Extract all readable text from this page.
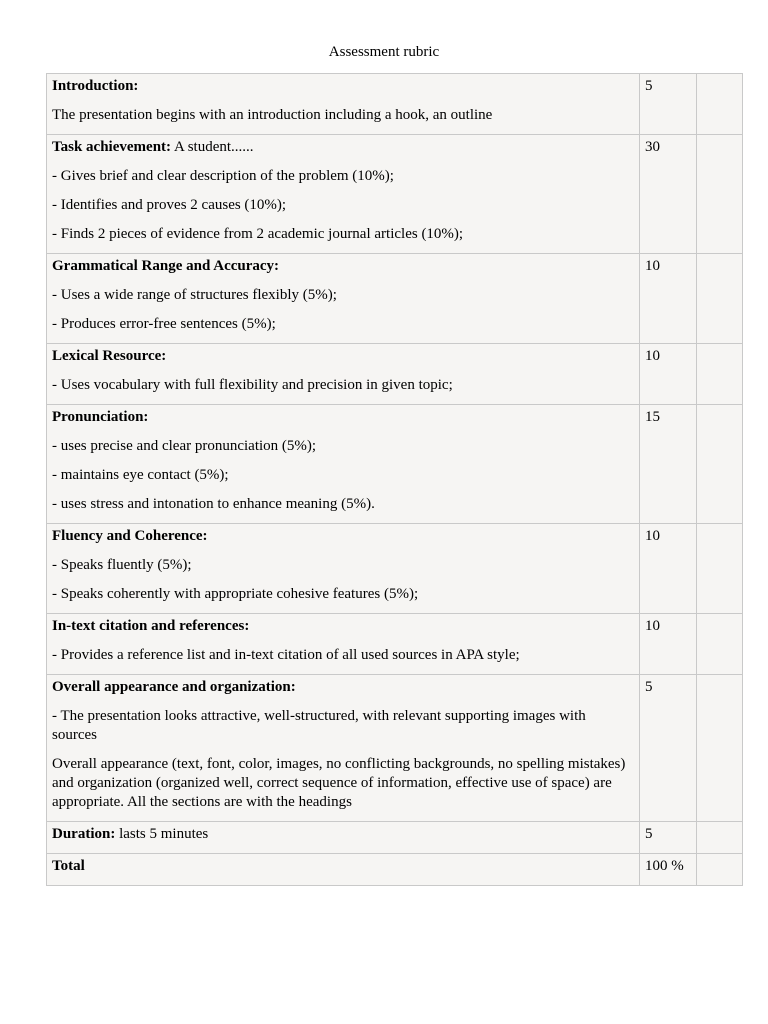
Assessment rubric

Introduction:

The presentation begins with an introduction including a hook, an outline	5	

Task achievement: A student......

- Gives brief and clear description of the problem (10%);

- Identifies and proves 2 causes (10%);

- Finds 2 pieces of evidence from 2 academic journal articles (10%);	30	

Grammatical Range and Accuracy:

- Uses a wide range of structures flexibly (5%);

- Produces error-free sentences (5%);	10	

Lexical Resource:

- Uses vocabulary with full flexibility and precision in given topic;	10	

Pronunciation:

- uses precise and clear pronunciation (5%);

- maintains eye contact (5%);

- uses stress and intonation to enhance meaning (5%).	15	

Fluency and Coherence:

- Speaks fluently (5%);

- Speaks coherently with appropriate cohesive features (5%);	10	

In-text citation and references:

- Provides a reference list and in-text citation of all used sources in APA style;	10	

Overall appearance and organization:

- The presentation looks attractive, well-structured, with relevant supporting images with sources

Overall appearance (text, font, color, images, no conflicting backgrounds, no spelling mistakes) and organization (organized well, correct sequence of information, effective use of space) are appropriate. All the sections are with the headings	5	

Duration: lasts 5 minutes	5	

Total	100 %	
